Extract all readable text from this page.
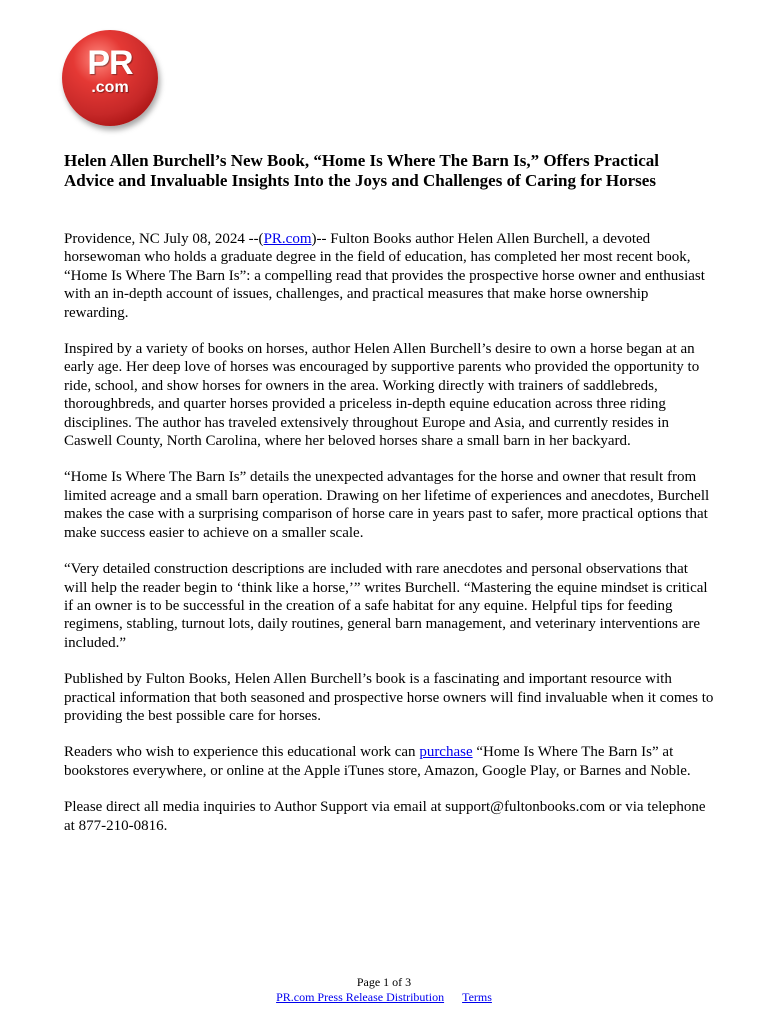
PR
.com
Helen Allen Burchell’s New Book, “Home Is Where The Barn Is,” Offers Practical Advice and Invaluable Insights Into the Joys and Challenges of Caring for Horses

Providence, NC July 08, 2024 --(PR.com)-- Fulton Books author Helen Allen Burchell, a devoted horsewoman who holds a graduate degree in the field of education, has completed her most recent book, “Home Is Where The Barn Is”: a compelling read that provides the prospective horse owner and enthusiast with an in-depth account of issues, challenges, and practical measures that make horse ownership rewarding.

Inspired by a variety of books on horses, author Helen Allen Burchell’s desire to own a horse began at an early age. Her deep love of horses was encouraged by supportive parents who provided the opportunity to ride, school, and show horses for owners in the area. Working directly with trainers of saddlebreds, thoroughbreds, and quarter horses provided a priceless in-depth equine education across three riding disciplines. The author has traveled extensively throughout Europe and Asia, and currently resides in Caswell County, North Carolina, where her beloved horses share a small barn in her backyard.

“Home Is Where The Barn Is” details the unexpected advantages for the horse and owner that result from limited acreage and a small barn operation. Drawing on her lifetime of experiences and anecdotes, Burchell makes the case with a surprising comparison of horse care in years past to safer, more practical options that make success easier to achieve on a smaller scale.

“Very detailed construction descriptions are included with rare anecdotes and personal observations that will help the reader begin to ‘think like a horse,’” writes Burchell. “Mastering the equine mindset is critical if an owner is to be successful in the creation of a safe habitat for any equine. Helpful tips for feeding regimens, stabling, turnout lots, daily routines, general barn management, and veterinary interventions are included.”

Published by Fulton Books, Helen Allen Burchell’s book is a fascinating and important resource with practical information that both seasoned and prospective horse owners will find invaluable when it comes to providing the best possible care for horses.

Readers who wish to experience this educational work can purchase “Home Is Where The Barn Is” at bookstores everywhere, or online at the Apple iTunes store, Amazon, Google Play, or Barnes and Noble.

Please direct all media inquiries to Author Support via email at support@fultonbooks.com or via telephone at 877-210-0816.

Page 1 of 3
PR.com Press Release Distribution Terms
